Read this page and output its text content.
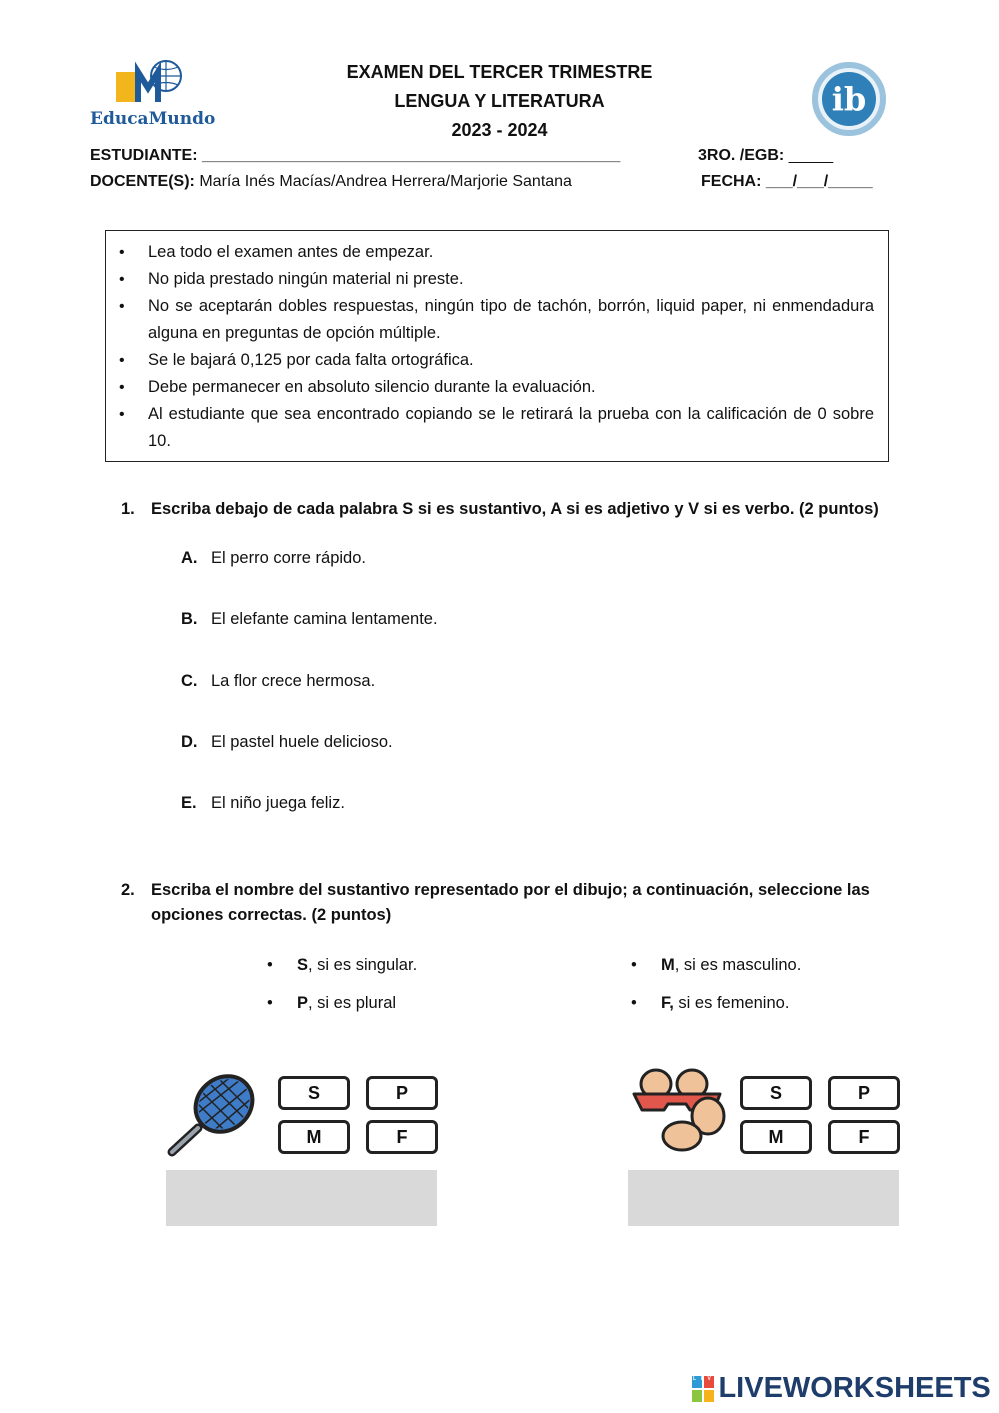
EducaMundo
ib
EXAMEN DEL TERCER TRIMESTRE
LENGUA Y LITERATURA
2023 - 2024
ESTUDIANTE: _______________________________________________	3RO. /EGB: _____
DOCENTE(S): María Inés Macías/Andrea Herrera/Marjorie Santana	FECHA: ___/___/_____
• Lea todo el examen antes de empezar.
• No pida prestado ningún material ni preste.
• No se aceptarán dobles respuestas, ningún tipo de tachón, borrón, liquid paper, ni enmendadura alguna en preguntas de opción múltiple.
• Se le bajará 0,125 por cada falta ortográfica.
• Debe permanecer en absoluto silencio durante la evaluación.
• Al estudiante que sea encontrado copiando se le retirará la prueba con la calificación de 0 sobre 10.
1. Escriba debajo de cada palabra S si es sustantivo, A si es adjetivo y V si es verbo. (2 puntos)
A. El perro corre rápido.
B. El elefante camina lentamente.
C. La flor crece hermosa.
D. El pastel huele delicioso.
E. El niño juega feliz.
2. Escriba el nombre del sustantivo representado por el dibujo; a continuación, seleccione las
opciones correctas. (2 puntos)
• S, si es singular.
• P, si es plural
• M, si es masculino.
• F, si es femenino.
S	P
M	F
S	P
M	F

LIVE
LIVEWORKSHEETS
